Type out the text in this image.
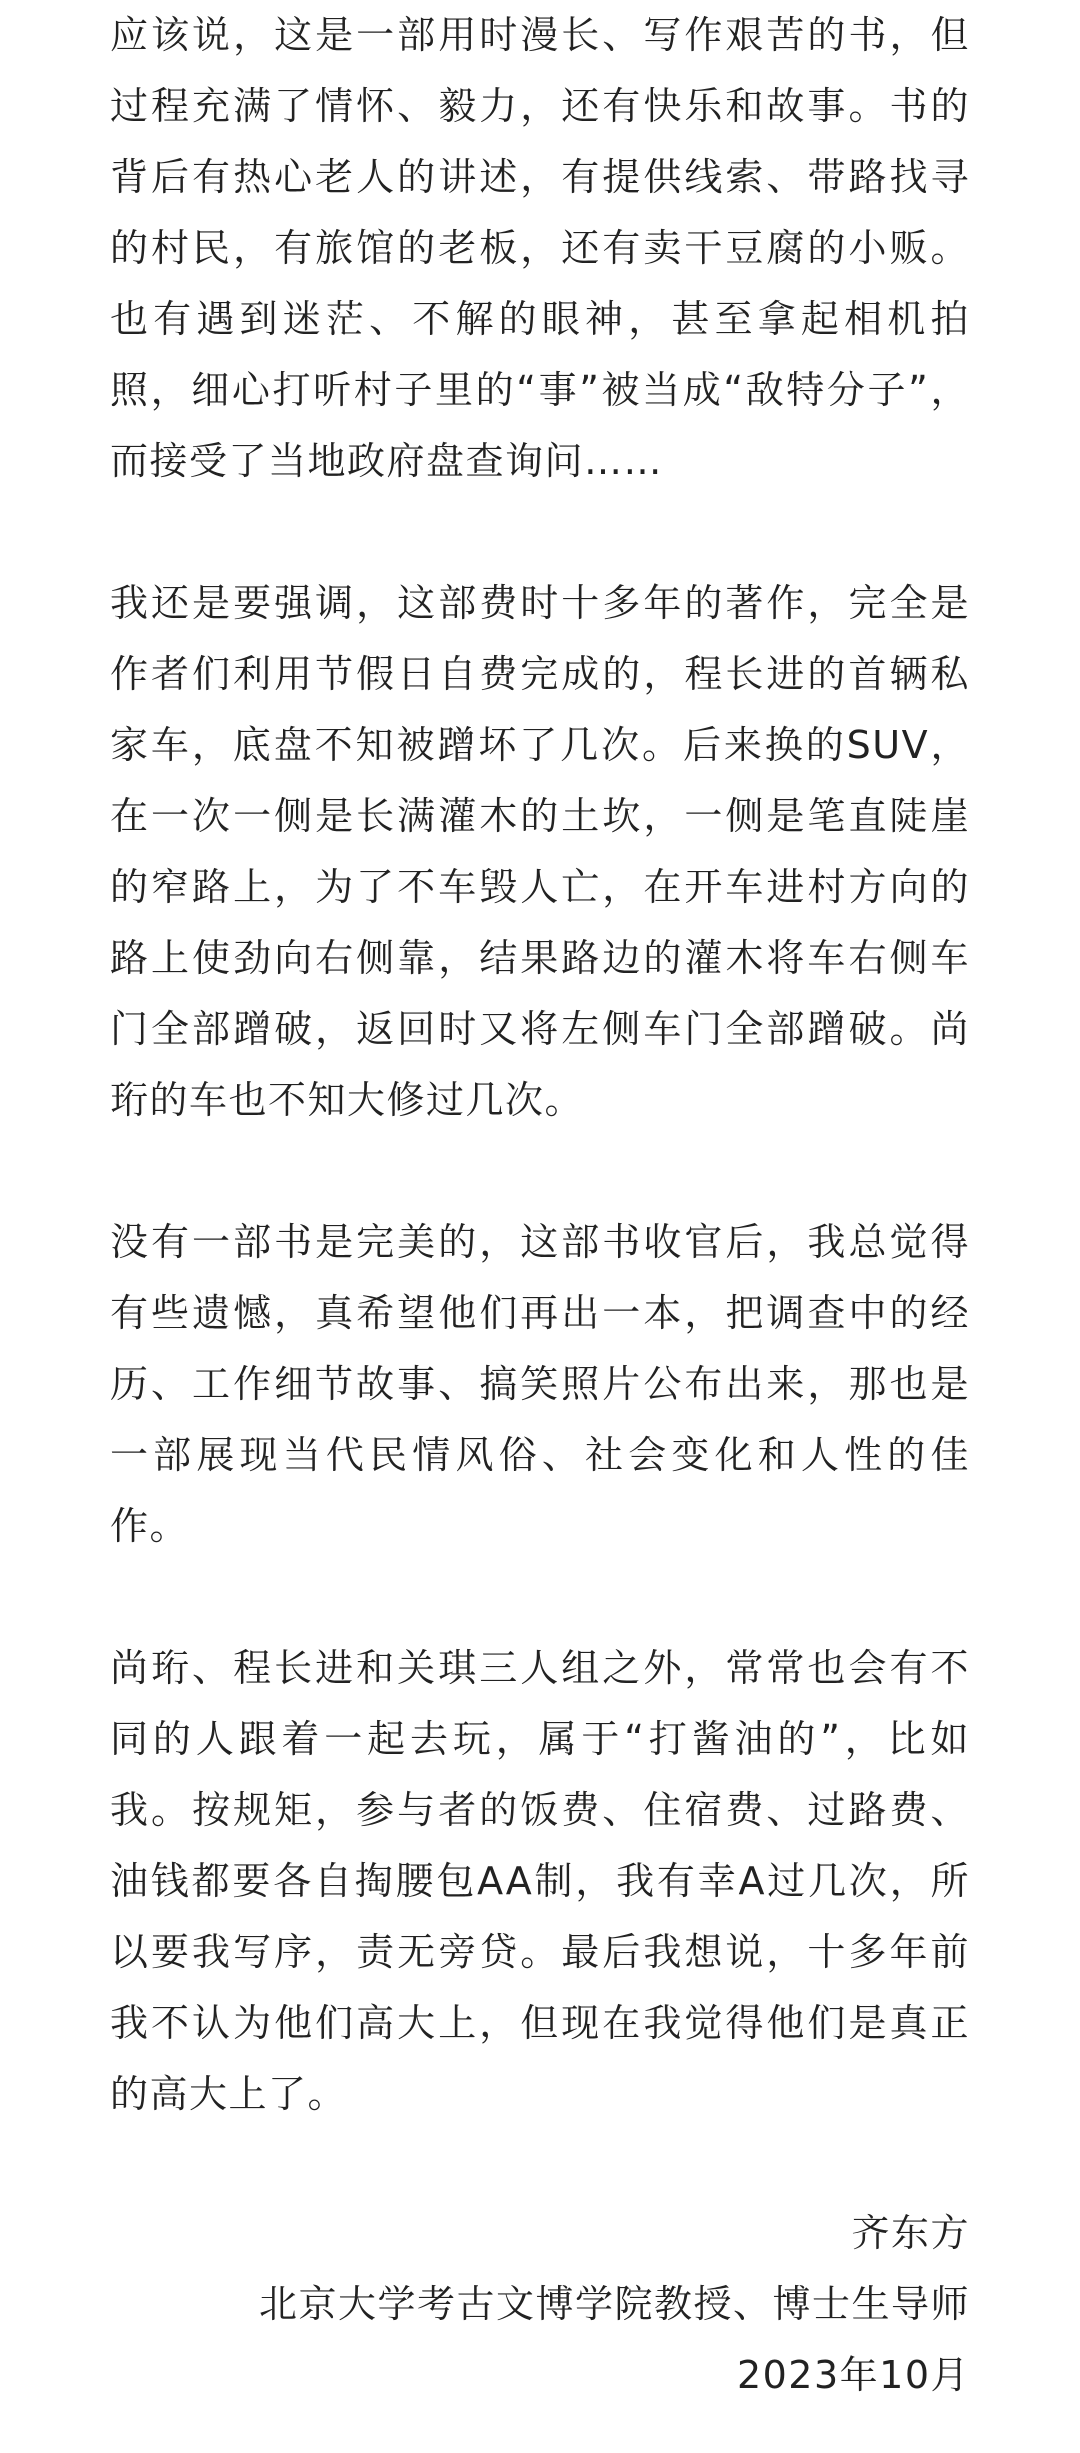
应该说，这是一部用时漫长、写作艰苦的书，但过程充满了情怀、毅力，还有快乐和故事。书的背后有热心老人的讲述，有提供线索、带路找寻的村民，有旅馆的老板，还有卖干豆腐的小贩。也有遇到迷茫、不解的眼神，甚至拿起相机拍照，细心打听村子里的“事”被当成“敌特分子”，而接受了当地政府盘查询问……

我还是要强调，这部费时十多年的著作，完全是作者们利用节假日自费完成的，程长进的首辆私家车，底盘不知被蹭坏了几次。后来换的SUV，在一次一侧是长满灌木的土坎，一侧是笔直陡崖的窄路上，为了不车毁人亡，在开车进村方向的路上使劲向右侧靠，结果路边的灌木将车右侧车门全部蹭破，返回时又将左侧车门全部蹭破。尚珩的车也不知大修过几次。

没有一部书是完美的，这部书收官后，我总觉得有些遗憾，真希望他们再出一本，把调查中的经历、工作细节故事、搞笑照片公布出来，那也是一部展现当代民情风俗、社会变化和人性的佳作。

尚珩、程长进和关琪三人组之外，常常也会有不同的人跟着一起去玩，属于“打酱油的”，比如我。按规矩，参与者的饭费、住宿费、过路费、油钱都要各自掏腰包AA制，我有幸A过几次，所以要我写序，责无旁贷。最后我想说，十多年前我不认为他们高大上，但现在我觉得他们是真正的高大上了。

齐东方
北京大学考古文博学院教授、博士生导师
2023年10月
